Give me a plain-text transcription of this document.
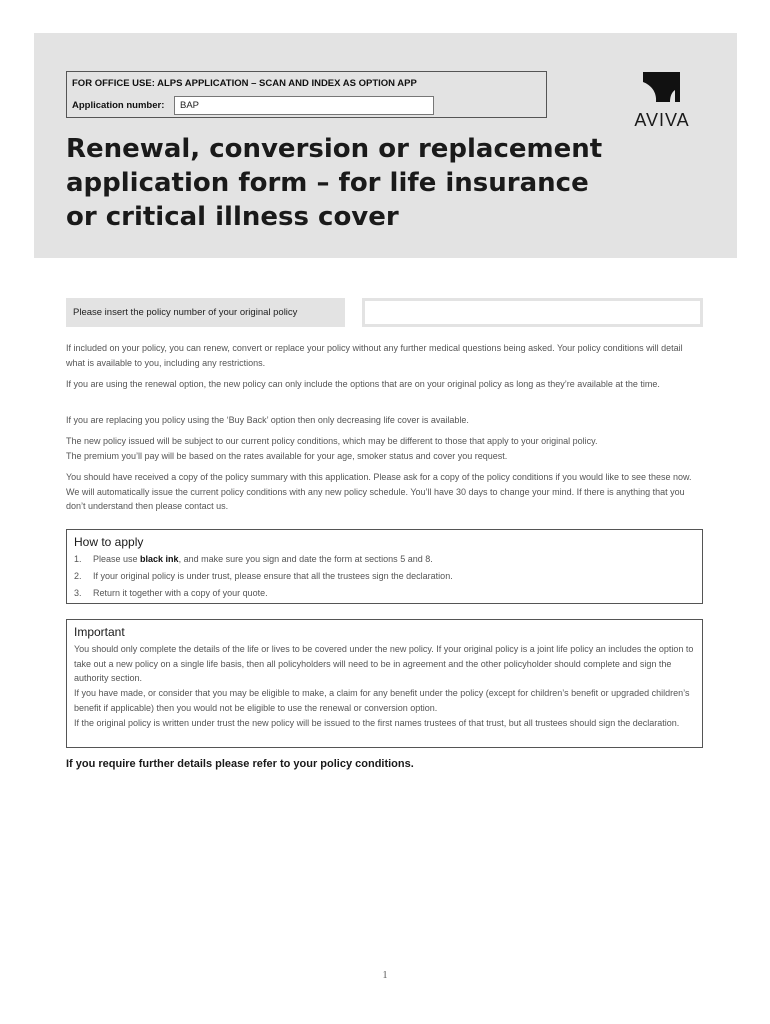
FOR OFFICE USE: ALPS APPLICATION – SCAN AND INDEX AS OPTION APP
Application number:	BAP
AVIVA
Renewal, conversion or replacement application form – for life insurance or critical illness cover
Please insert the policy number of your original policy

If included on your policy, you can renew, convert or replace your policy without any further medical questions being asked. Your policy conditions will detail what is available to you, including any restrictions.

If you are using the renewal option, the new policy can only include the options that are on your original policy as long as they’re available at the time.

If you are replacing you policy using the ‘Buy Back’ option then only decreasing life cover is available.

The new policy issued will be subject to our current policy conditions, which may be different to those that apply to your original policy.

The premium you’ll pay will be based on the rates available for your age, smoker status and cover you request.

You should have received a copy of the policy summary with this application. Please ask for a copy of the policy conditions if you would like to see these now. We will automatically issue the current policy conditions with any new policy schedule. You’ll have 30 days to change your mind. If there is anything that you don’t understand then please contact us.

How to apply
1. Please use black ink, and make sure you sign and date the form at sections 5 and 8.
2. If your original policy is under trust, please ensure that all the trustees sign the declaration.
3. Return it together with a copy of your quote.
Important

You should only complete the details of the life or lives to be covered under the new policy. If your original policy is a joint life policy an includes the option to take out a new policy on a single life basis, then all policyholders will need to be in agreement and the other policyholder should complete and sign the authority section.

If you have made, or consider that you may be eligible to make, a claim for any benefit under the policy (except for children’s benefit or upgraded children’s benefit if applicable) then you would not be eligible to use the renewal or conversion option.

If the original policy is written under trust the new policy will be issued to the first names trustees of that trust, but all trustees should sign the declaration.

If you require further details please refer to your policy conditions.
1
